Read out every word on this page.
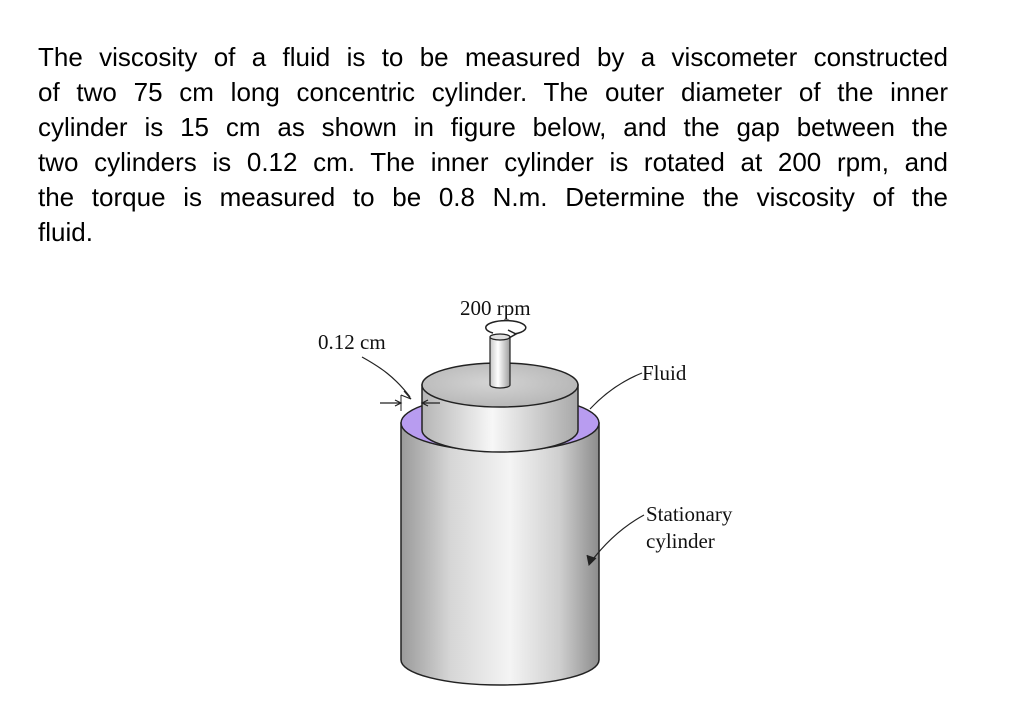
The viscosity of a fluid is to be measured by a viscometer constructed
of two 75 cm long concentric cylinder. The outer diameter of the inner
cylinder is 15 cm as shown in figure below, and the gap between the
two cylinders is 0.12 cm. The inner cylinder is rotated at 200 rpm, and
the torque is measured to be 0.8 N.m. Determine the viscosity of the
fluid.
200 rpm
0.12 cm
Fluid
Stationary
cylinder
